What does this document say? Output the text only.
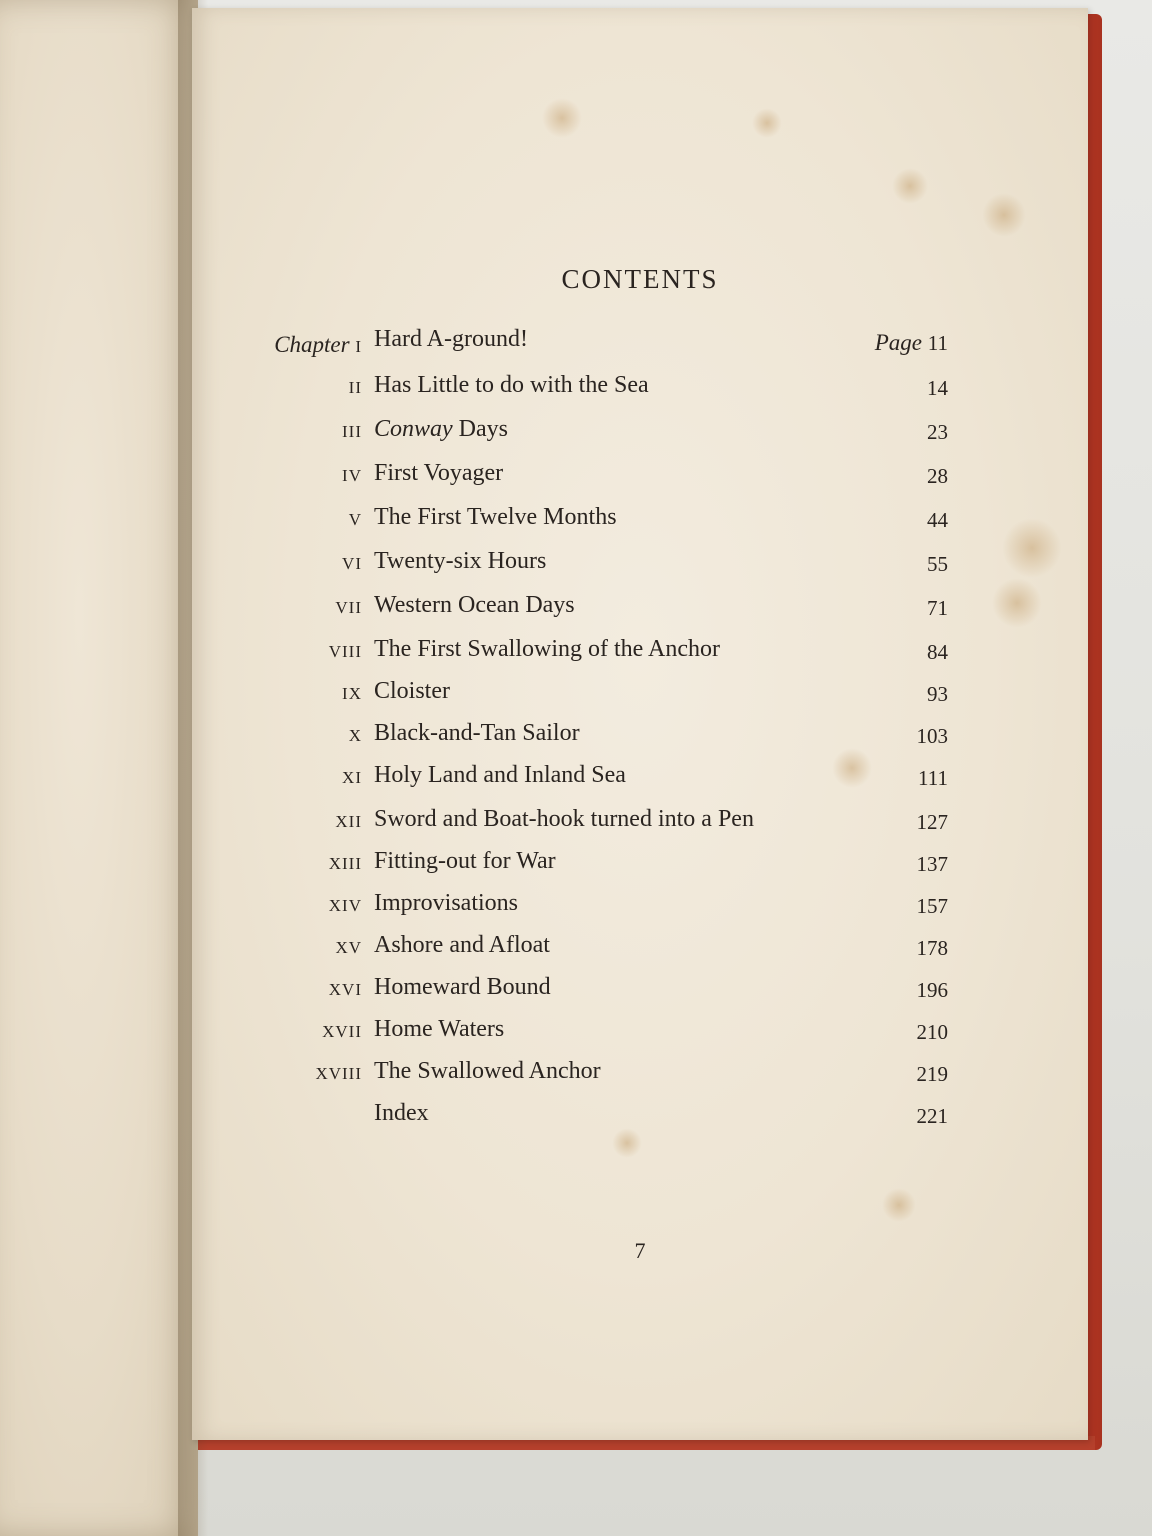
CONTENTS
Chapter I Hard A-ground!	Page 11
II Has Little to do with the Sea	14
III Conway Days	23
IV First Voyager	28
V The First Twelve Months	44
VI Twenty-six Hours	55
VII Western Ocean Days	71
VIII The First Swallowing of the Anchor	84
IX Cloister	93
X Black-and-Tan Sailor	103
XI Holy Land and Inland Sea	111
XII Sword and Boat-hook turned into a Pen	127
XIII Fitting-out for War	137
XIV Improvisations	157
XV Ashore and Afloat	178
XVI Homeward Bound	196
XVII Home Waters	210
XVIII The Swallowed Anchor	219
Index	221
7
